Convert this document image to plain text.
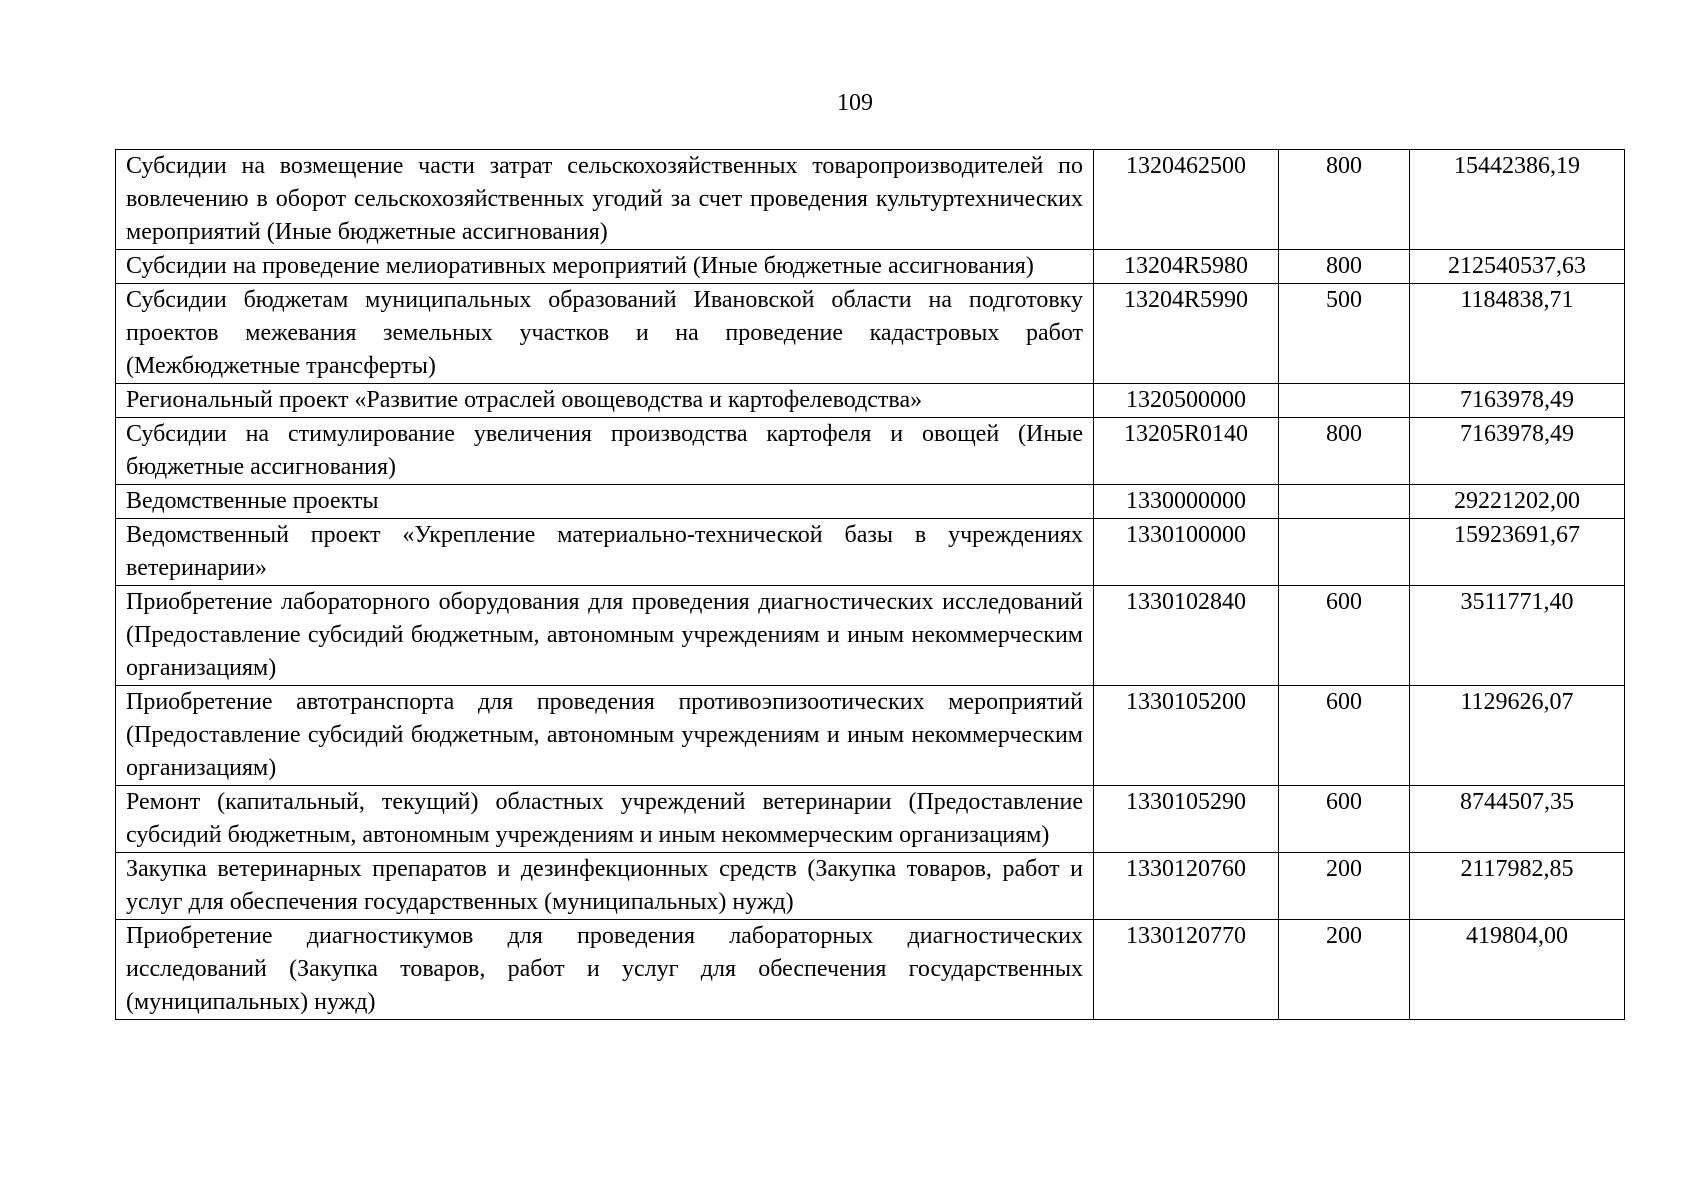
109
Субсидии на возмещение части затрат сельскохозяйственных товаропроизводителей по вовлечению в оборот сельскохозяйственных угодий за счет проведения культуртехнических мероприятий (Иные бюджетные ассигнования)	1320462500	800	15442386,19
Субсидии на проведение мелиоративных мероприятий (Иные бюджетные ассигнования)	13204R5980	800	212540537,63
Субсидии бюджетам муниципальных образований Ивановской области на подготовку проектов межевания земельных участков и на проведение кадастровых работ (Межбюджетные трансферты)	13204R5990	500	1184838,71
Региональный проект «Развитие отраслей овощеводства и картофелеводства»	1320500000		7163978,49
Субсидии на стимулирование увеличения производства картофеля и овощей (Иные бюджетные ассигнования)	13205R0140	800	7163978,49
Ведомственные проекты	1330000000		29221202,00
Ведомственный проект «Укрепление материально-технической базы в учреждениях ветеринарии»	1330100000		15923691,67
Приобретение лабораторного оборудования для проведения диагностических исследований (Предоставление субсидий бюджетным, автономным учреждениям и иным некоммерческим организациям)	1330102840	600	3511771,40
Приобретение автотранспорта для проведения противоэпизоотических мероприятий (Предоставление субсидий бюджетным, автономным учреждениям и иным некоммерческим организациям)	1330105200	600	1129626,07
Ремонт (капитальный, текущий) областных учреждений ветеринарии (Предоставление субсидий бюджетным, автономным учреждениям и иным некоммерческим организациям)	1330105290	600	8744507,35
Закупка ветеринарных препаратов и дезинфекционных средств (Закупка товаров, работ и услуг для обеспечения государственных (муниципальных) нужд)	1330120760	200	2117982,85
Приобретение диагностикумов для проведения лабораторных диагностических исследований (Закупка товаров, работ и услуг для обеспечения государственных (муниципальных) нужд)	1330120770	200	419804,00
